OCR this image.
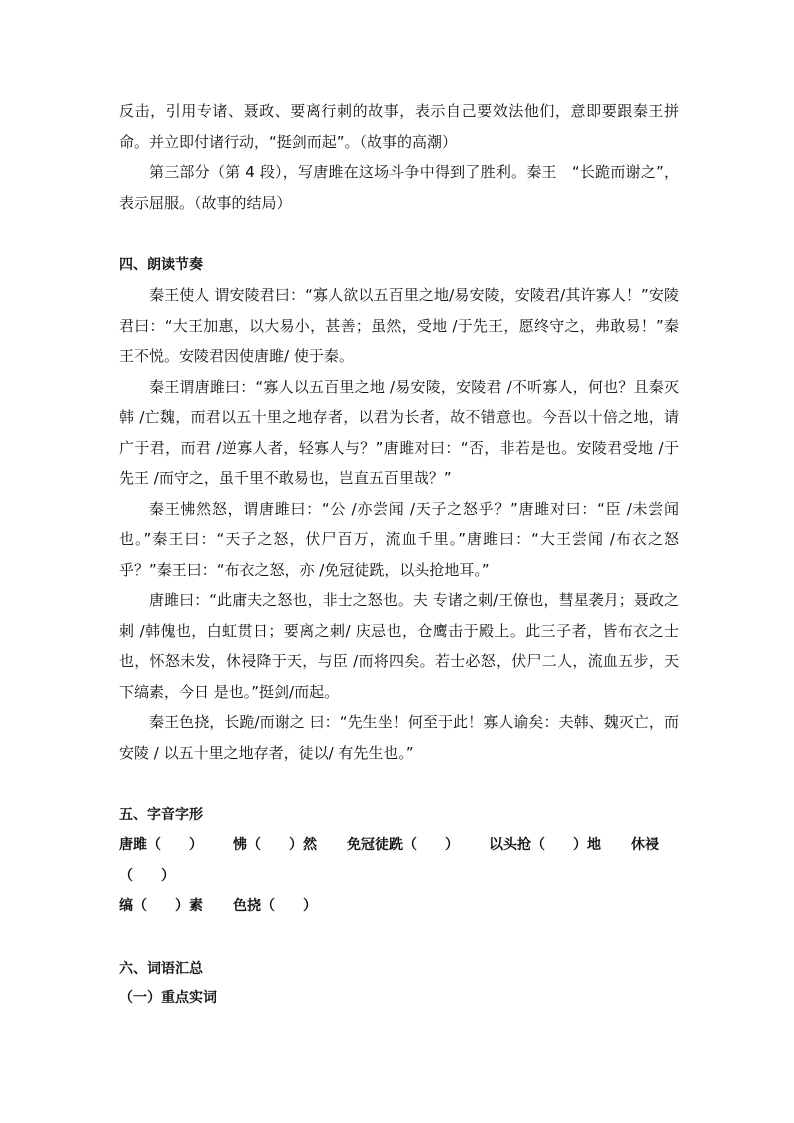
反击，引用专诸、聂政、要离行刺的故事，表示自己要效法他们，意即要跟秦王拼命。并立即付诸行动，“挺剑而起”。（故事的高潮）

第三部分（第 4 段），写唐雎在这场斗争中得到了胜利。秦王　“长跪而谢之”，表示屈服。（故事的结局）

四、朗读节奏

秦王使人 谓安陵君曰：“寡人欲以五百里之地/易安陵，安陵君/其许寡人！”安陵君曰：“大王加惠，以大易小，甚善；虽然，受地 /于先王，愿终守之，弗敢易！”秦王不悦。安陵君因使唐雎/ 使于秦。

秦王谓唐雎曰：“寡人以五百里之地 /易安陵，安陵君 /不听寡人，何也？且秦灭韩 /亡魏，而君以五十里之地存者，以君为长者，故不错意也。今吾以十倍之地，请广于君，而君 /逆寡人者，轻寡人与？”唐雎对曰：“否，非若是也。安陵君受地 /于先王 /而守之，虽千里不敢易也，岂直五百里哉？”

秦王怫然怒，谓唐雎曰：“公 /亦尝闻 /天子之怒乎？”唐雎对曰：“臣 /未尝闻也。”秦王曰：“天子之怒，伏尸百万，流血千里。”唐雎曰：“大王尝闻 /布衣之怒乎？”秦王曰：“布衣之怒，亦 /免冠徒跣，以头抢地耳。”

唐雎曰：“此庸夫之怒也，非士之怒也。夫 专诸之刺/王僚也，彗星袭月；聂政之刺 /韩傀也，白虹贯日；要离之刺/ 庆忌也，仓鹰击于殿上。此三子者，皆布衣之士也，怀怒未发，休祲降于天，与臣 /而将四矣。若士必怒，伏尸二人，流血五步，天下缟素，今日 是也。”挺剑/而起。

秦王色挠，长跪/而谢之 曰：“先生坐！何至于此！寡人谕矣：夫韩、魏灭亡，而安陵 / 以五十里之地存者，徒以/ 有先生也。”

五、字音字形
唐雎（　　） 怫（　　）然 免冠徒跣（　　） 以头抢（　　）地 休祲
（　　）
缟（　　）素 色挠（　　）
六、词语汇总
（一）重点实词
